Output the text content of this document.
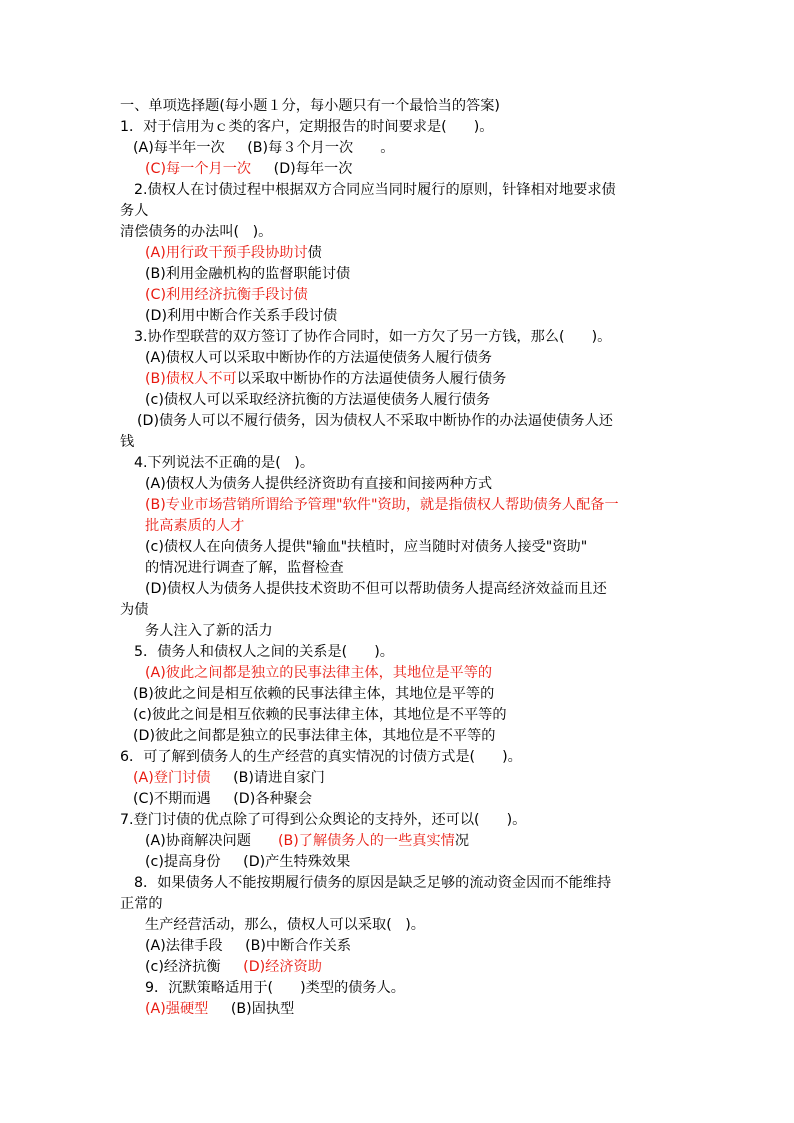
一、单项选择题(每小题１分，每小题只有一个最恰当的答案)
1．对于信用为ｃ类的客户，定期报告的时间要求是(      )。
(A)每半年一次     (B)每３个月一次      。
(C)每一个月一次     (D)每年一次
2.债权人在讨债过程中根据双方合同应当同时履行的原则，针锋相对地要求债
务人
清偿债务的办法叫(   )。
(A)用行政干预手段协助讨债
(B)利用金融机构的监督职能讨债
(C)利用经济抗衡手段讨债
(D)利用中断合作关系手段讨债
3.协作型联营的双方签订了协作合同时，如一方欠了另一方钱，那么(      )。
(A)债权人可以采取中断协作的方法逼使债务人履行债务
(B)债权人不可以采取中断协作的方法逼使债务人履行债务
(c)债权人可以采取经济抗衡的方法逼使债务人履行债务
(D)债务人可以不履行债务，因为债权人不采取中断协作的办法逼使债务人还
钱
4.下列说法不正确的是(   )。
(A)债权人为债务人提供经济资助有直接和间接两种方式
(B)专业市场营销所谓给予管理"软件"资助，就是指债权人帮助债务人配备一
批高素质的人才
(c)债权人在向债务人提供"输血"扶植时，应当随时对债务人接受"资助"
的情况进行调查了解，监督检查
(D)债权人为债务人提供技术资助不但可以帮助债务人提高经济效益而且还
为债
务人注入了新的活力
5．债务人和债权人之间的关系是(      )。
(A)彼此之间都是独立的民事法律主体，其地位是平等的
(B)彼此之间是相互依赖的民事法律主体，其地位是平等的
(c)彼此之间是相互依赖的民事法律主体，其地位是不平等的
(D)彼此之间都是独立的民事法律主体，其地位是不平等的
6．可了解到债务人的生产经营的真实情况的讨债方式是(      )。
(A)登门讨债     (B)请进自家门
(C)不期而遇     (D)各种聚会
7.登门讨债的优点除了可得到公众舆论的支持外，还可以(      )。
(A)协商解决问题      (B)了解债务人的一些真实情况
(c)提高身份     (D)产生特殊效果
8．如果债务人不能按期履行债务的原因是缺乏足够的流动资金因而不能维持
正常的
生产经营活动，那么，债权人可以采取(   )。
(A)法律手段     (B)中断合作关系
(c)经济抗衡     (D)经济资助
9．沉默策略适用于(      )类型的债务人。
(A)强硬型     (B)固执型
